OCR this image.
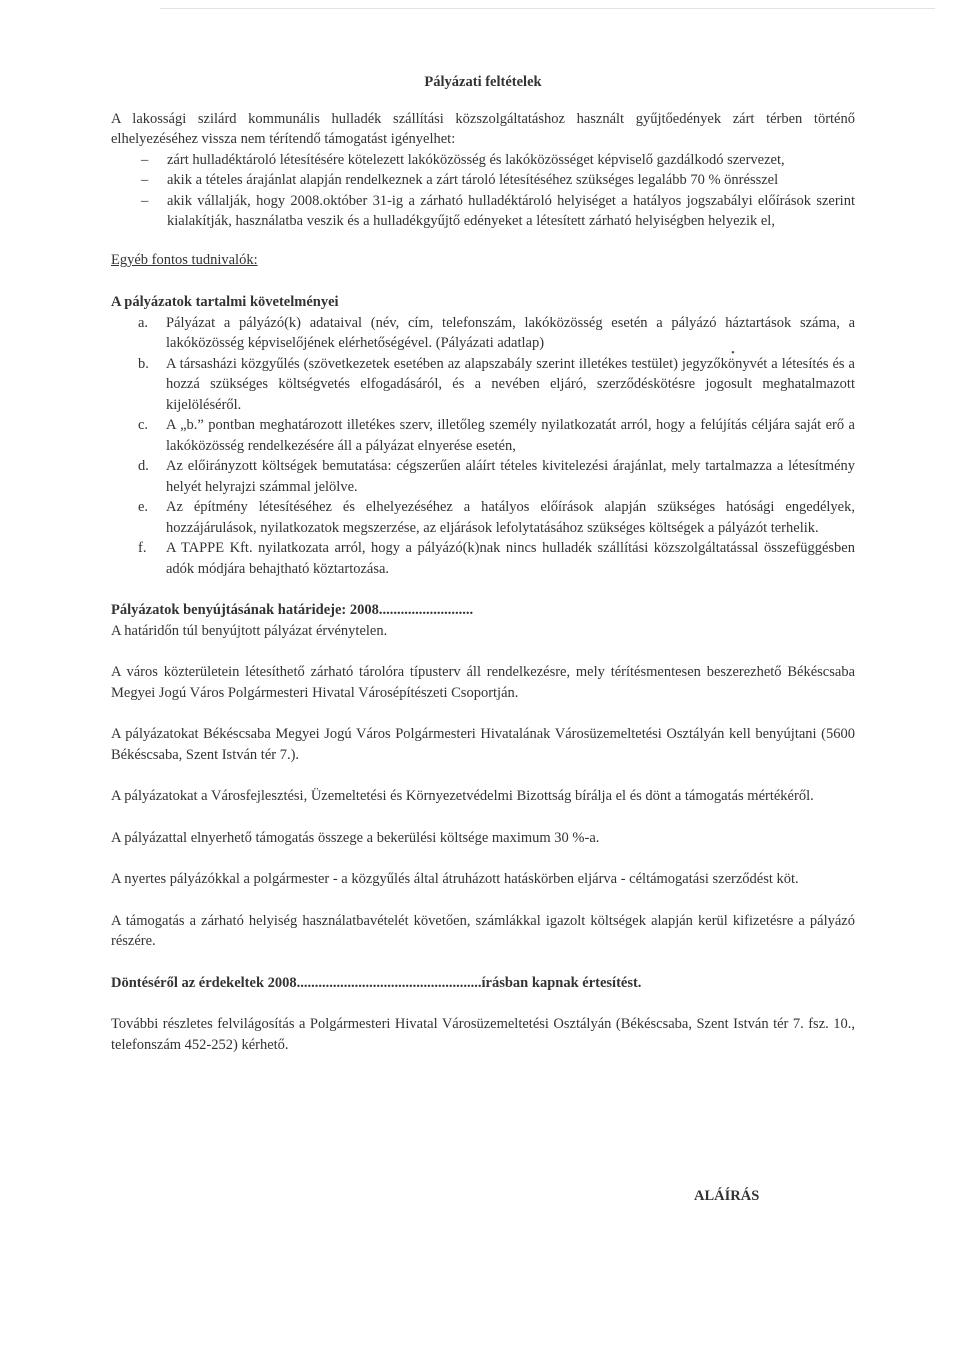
•
Pályázati feltételek

A lakossági szilárd kommunális hulladék szállítási közszolgáltatáshoz használt gyűjtőedények zárt térben történő elhelyezéséhez vissza nem térítendő támogatást igényelhet:

– zárt hulladéktároló létesítésére kötelezett lakóközösség és lakóközösséget képviselő gazdálkodó szervezet,
– akik a tételes árajánlat alapján rendelkeznek a zárt tároló létesítéséhez szükséges legalább 70 % önrésszel
– akik vállalják, hogy 2008.október 31-ig a zárható hulladéktároló helyiséget a hatályos jogszabályi előírások szerint kialakítják, használatba veszik és a hulladékgyűjtő edényeket a létesített zárható helyiségben helyezik el,

Egyéb fontos tudnivalók:

A pályázatok tartalmi követelményei

a. Pályázat a pályázó(k) adataival (név, cím, telefonszám, lakóközösség esetén a pályázó háztartások száma, a lakóközösség képviselőjének elérhetőségével. (Pályázati adatlap)
b. A társasházi közgyűlés (szövetkezetek esetében az alapszabály szerint illetékes testület) jegyzőkönyvét a létesítés és a hozzá szükséges költségvetés elfogadásáról, és a nevében eljáró, szerződéskötésre jogosult meghatalmazott kijelöléséről.
c. A „b.” pontban meghatározott illetékes szerv, illetőleg személy nyilatkozatát arról, hogy a felújítás céljára saját erő a lakóközösség rendelkezésére áll a pályázat elnyerése esetén,
d. Az előirányzott költségek bemutatása: cégszerűen aláírt tételes kivitelezési árajánlat, mely tartalmazza a létesítmény helyét helyrajzi számmal jelölve.
e. Az építmény létesítéséhez és elhelyezéséhez a hatályos előírások alapján szükséges hatósági engedélyek, hozzájárulások, nyilatkozatok megszerzése, az eljárások lefolytatásához szükséges költségek a pályázót terhelik.
f. A TAPPE Kft. nyilatkozata arról, hogy a pályázó(k)nak nincs hulladék szállítási közszolgáltatással összefüggésben adók módjára behajtható köztartozása.

Pályázatok benyújtásának határideje: 2008..........................

A határidőn túl benyújtott pályázat érvénytelen.

A város közterületein létesíthető zárható tárolóra típusterv áll rendelkezésre, mely térítésmentesen beszerezhető Békéscsaba Megyei Jogú Város Polgármesteri Hivatal Városépítészeti Csoportján.

A pályázatokat Békéscsaba Megyei Jogú Város Polgármesteri Hivatalának Városüzemeltetési Osztályán kell benyújtani (5600 Békéscsaba, Szent István tér 7.).

A pályázatokat a Városfejlesztési, Üzemeltetési és Környezetvédelmi Bizottság bírálja el és dönt a támogatás mértékéről.

A pályázattal elnyerhető támogatás összege a bekerülési költsége maximum 30 %-a.

A nyertes pályázókkal a polgármester - a közgyűlés által átruházott hatáskörben eljárva - céltámogatási szerződést köt.

A támogatás a zárható helyiség használatbavételét követően, számlákkal igazolt költségek alapján kerül kifizetésre a pályázó részére.

Döntéséről az érdekeltek 2008...................................................írásban kapnak értesítést.

További részletes felvilágosítás a Polgármesteri Hivatal Városüzemeltetési Osztályán (Békéscsaba, Szent István tér 7. fsz. 10., telefonszám 452-252) kérhető.

ALÁÍRÁS
